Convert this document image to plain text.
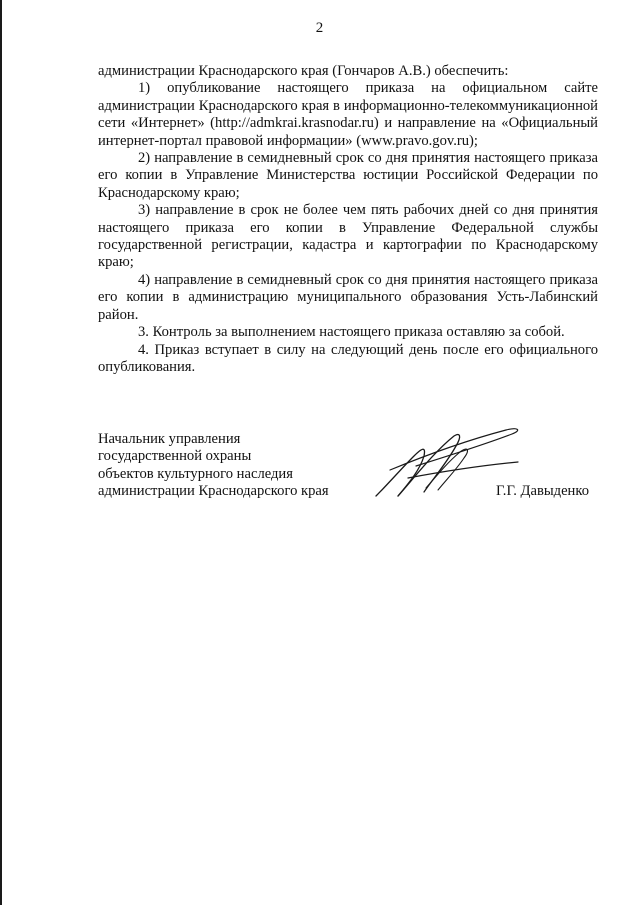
2

администрации Краснодарского края (Гончаров А.В.) обеспечить:

1) опубликование настоящего приказа на официальном сайте администрации Краснодарского края в информационно-телекоммуникационной сети «Интернет» (http://admkrai.krasnodar.ru) и направление на «Официальный интернет-портал правовой информации» (www.pravo.gov.ru);

2) направление в семидневный срок со дня принятия настоящего приказа его копии в Управление Министерства юстиции Российской Федерации по Краснодарскому краю;

3) направление в срок не более чем пять рабочих дней со дня принятия настоящего приказа его копии в Управление Федеральной службы государственной регистрации, кадастра и картографии по Краснодарскому краю;

4) направление в семидневный срок со дня принятия настоящего приказа его копии в администрацию муниципального образования Усть-Лабинский район.

3. Контроль за выполнением настоящего приказа оставляю за собой.

4. Приказ вступает в силу на следующий день после его официального опубликования.

Начальник управления
государственной охраны
объектов культурного наследия
администрации Краснодарского края	Г.Г. Давыденко
